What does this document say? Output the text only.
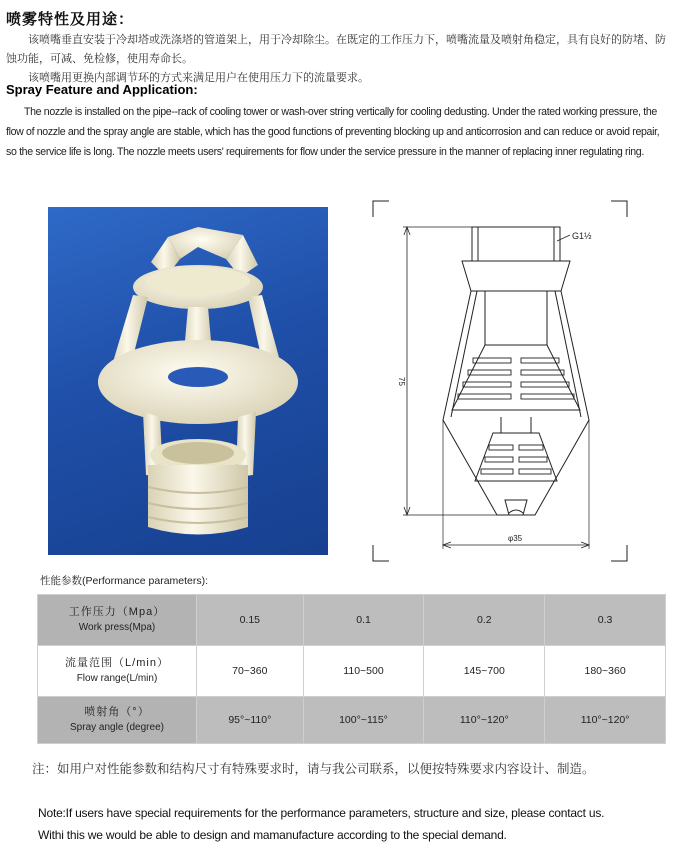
喷雾特性及用途：

该喷嘴垂直安装于冷却塔或洗涤塔的管道架上，用于冷却除尘。在既定的工作压力下，喷嘴流量及喷射角稳定，具有良好的防堵、防蚀功能，可减、免检修，使用寿命长。

该喷嘴用更换内部调节环的方式来满足用户在使用压力下的流量要求。

Spray Feature and Application:

The nozzle is installed on the pipe--rack of cooling tower or wash-over string vertically for cooling dedusting. Under the rated working pressure, the flow of nozzle and the spray angle are stable, which has the good functions of preventing blocking up and anticorrosion and can reduce or avoid repair, so the service life is long. The nozzle meets users' requirements for flow under the service pressure in the manner of replacing inner regulating ring.

G1½
75
φ35
性能参数(Performance parameters):
工作压力（Mpa）
Work press(Mpa)	0.15	0.1	0.2	0.3

流量范围（L/min）
Flow range(L/min)	70~360	110~500	145~700	180~360

喷射角（°）
Spray angle (degree)	95°~110°	100°~115°	110°~120°	110°~120°
注：如用户对性能参数和结构尺寸有特殊要求时，请与我公司联系，以便按特殊要求内容设计、制造。

Note:If users have special requirements for the performance parameters, structure and size, please contact us.

Withi this we would be able to design and mamanufacture according to the special demand.
